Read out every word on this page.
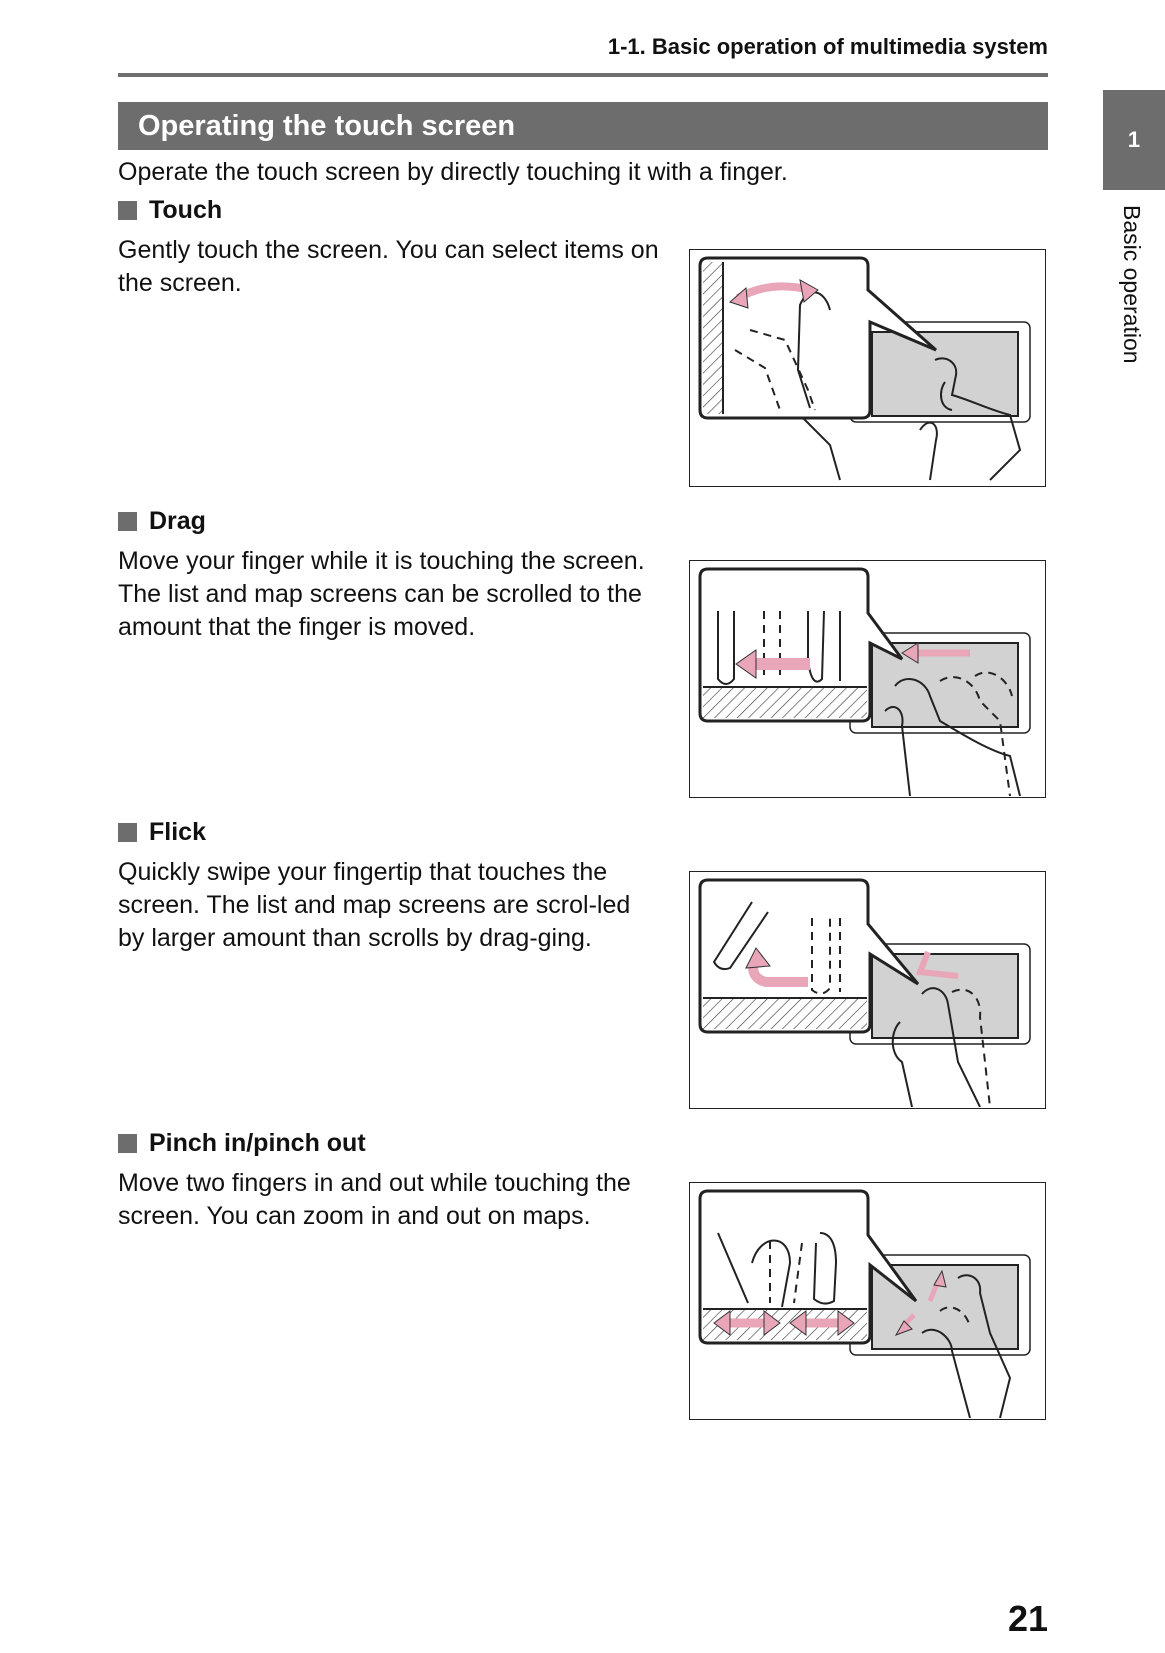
1-1. Basic operation of multimedia system
Operating the touch screen
Operate the touch screen by directly touching it with a finger.
Touch
Gently touch the screen. You can select items on the screen.
Drag
Move your finger while it is touching the screen. The list and map screens can be scrolled to the amount that the finger is moved.
Flick
Quickly swipe your fingertip that touches the screen. The list and map screens are scrol-led by larger amount than scrolls by drag-ging.
Pinch in/pinch out
Move two fingers in and out while touching the screen. You can zoom in and out on maps.
1
Basic operation
21
